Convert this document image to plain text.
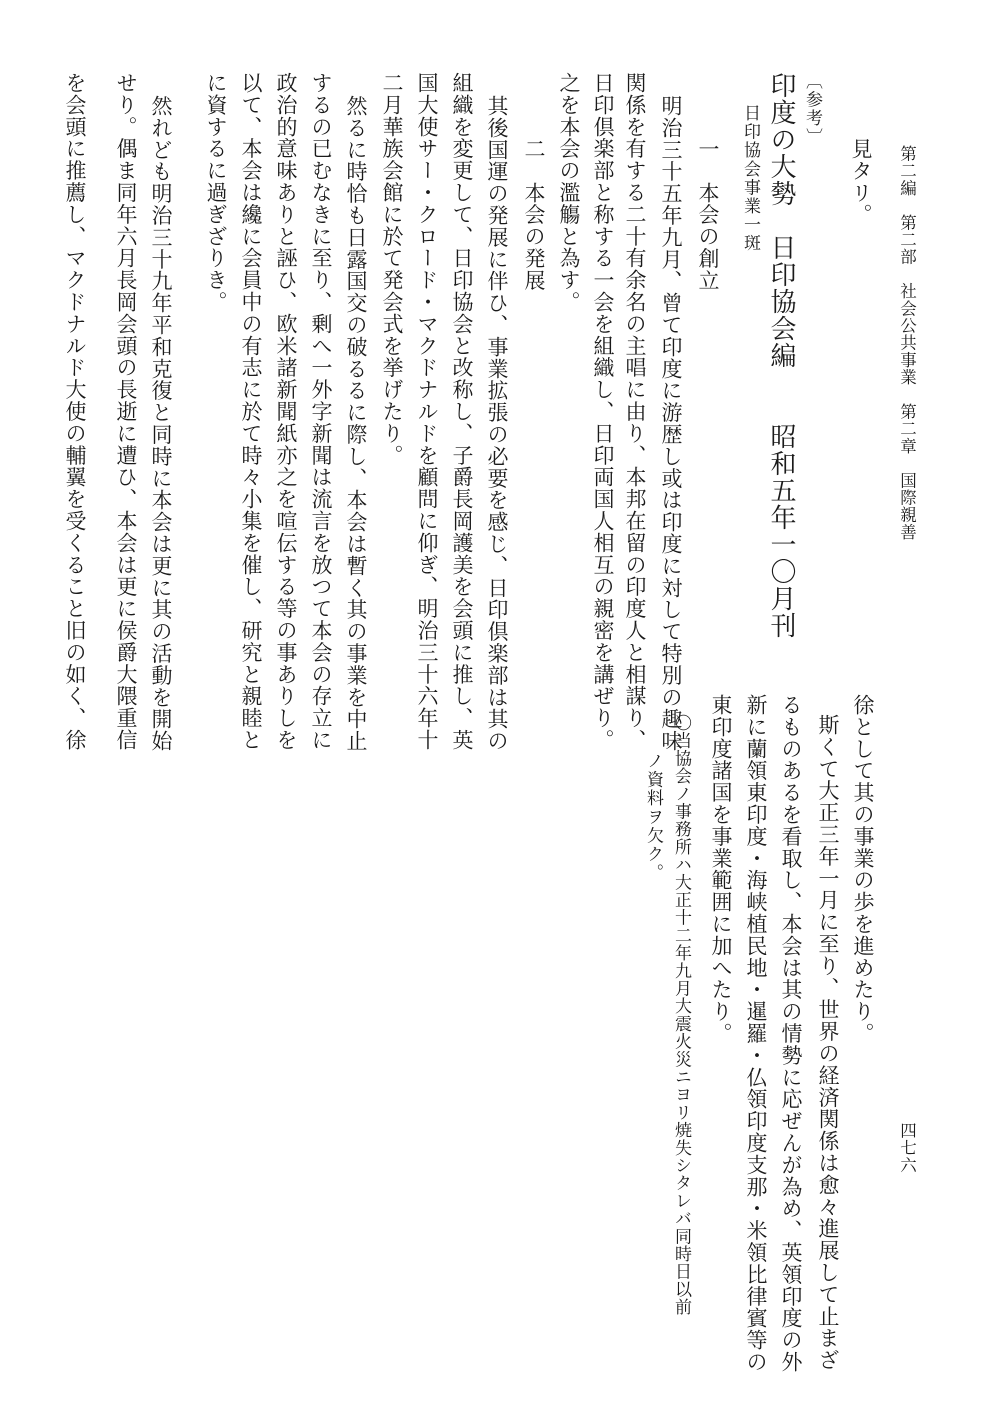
第二編　第二部　社会公共事業　第二章　国際親善
四七六

見タリ。

〔参考〕

印度の大勢　日印協会編　　昭和五年一〇月刊

日印協会事業一斑

一　本会の創立

明治三十五年九月、曾て印度に游歴し或は印度に対して特別の趣味

関係を有する二十有余名の主唱に由り、本邦在留の印度人と相謀り、

日印倶楽部と称する一会を組織し、日印両国人相互の親密を講ぜり。

之を本会の濫觴と為す。

二　本会の発展

其後国運の発展に伴ひ、事業拡張の必要を感じ、日印倶楽部は其の

組織を変更して、日印協会と改称し、子爵長岡護美を会頭に推し、英

国大使サー・クロード・マクドナルドを顧問に仰ぎ、明治三十六年十

二月華族会館に於て発会式を挙げたり。

然るに時恰も日露国交の破るるに際し、本会は暫く其の事業を中止

するの已むなきに至り、剰へ一外字新聞は流言を放つて本会の存立に

政治的意味ありと誣ひ、欧米諸新聞紙亦之を喧伝する等の事ありしを

以て、本会は纔に会員中の有志に於て時々小集を催し、研究と親睦と

に資するに過ぎざりき。

然れども明治三十九年平和克復と同時に本会は更に其の活動を開始

せり。偶ま同年六月長岡会頭の長逝に遭ひ、本会は更に侯爵大隈重信

を会頭に推薦し、マクドナルド大使の輔翼を受くること旧の如く、徐

徐として其の事業の歩を進めたり。

斯くて大正三年一月に至り、世界の経済関係は愈々進展して止まざ

るものあるを看取し、本会は其の情勢に応ぜんが為め、英領印度の外

新に蘭領東印度・海峡植民地・暹羅・仏領印度支那・米領比律賓等の

東印度諸国を事業範囲に加へたり。

〇当協会ノ事務所ハ大正十二年九月大震火災ニヨリ焼失シタレバ同時日以前

ノ資料ヲ欠ク。
